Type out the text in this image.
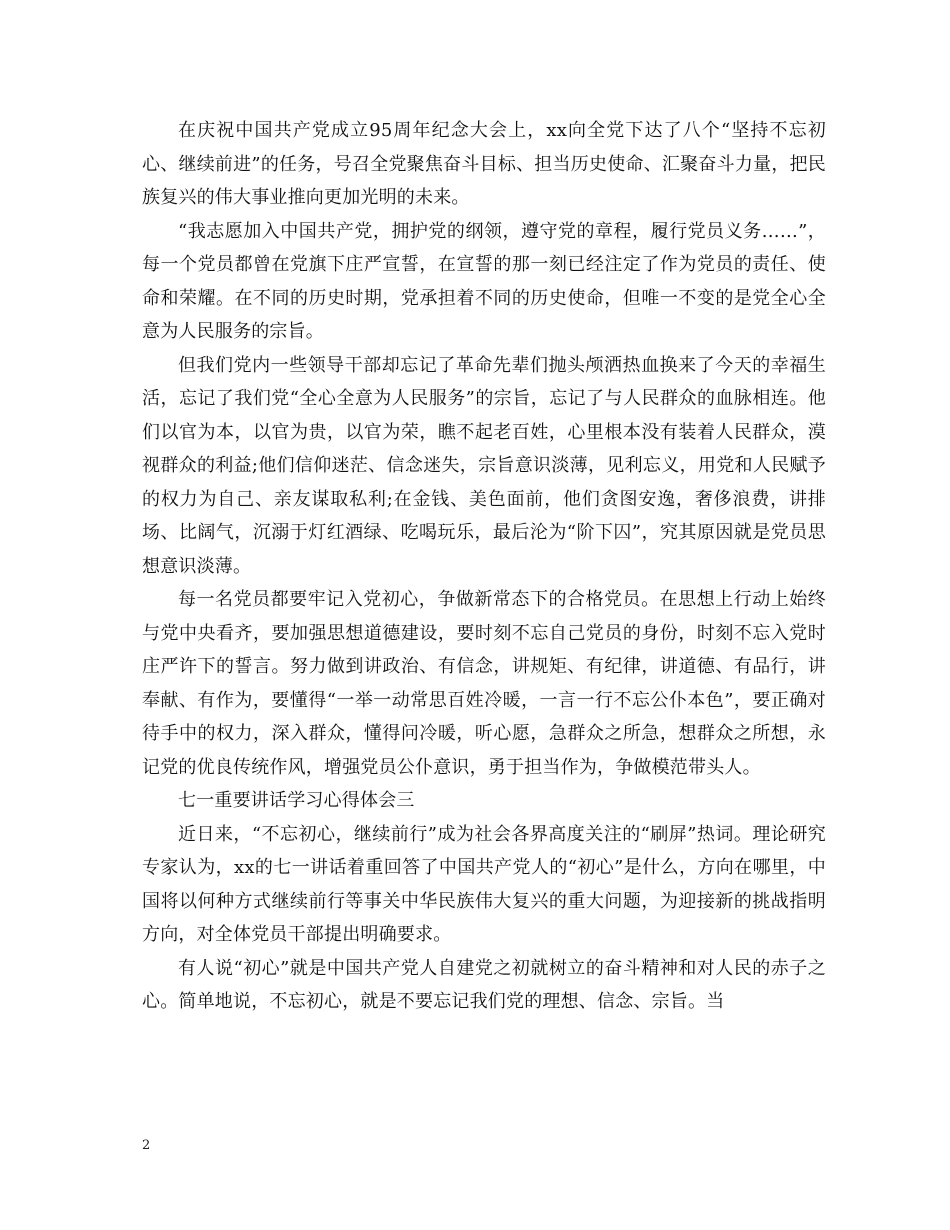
在庆祝中国共产党成立95周年纪念大会上，xx向全党下达了八个“坚持不忘初心、继续前进”的任务，号召全党聚焦奋斗目标、担当历史使命、汇聚奋斗力量，把民族复兴的伟大事业推向更加光明的未来。

“我志愿加入中国共产党，拥护党的纲领，遵守党的章程，履行党员义务……”，每一个党员都曾在党旗下庄严宣誓，在宣誓的那一刻已经注定了作为党员的责任、使命和荣耀。在不同的历史时期，党承担着不同的历史使命，但唯一不变的是党全心全意为人民服务的宗旨。

但我们党内一些领导干部却忘记了革命先辈们抛头颅洒热血换来了今天的幸福生活，忘记了我们党“全心全意为人民服务”的宗旨，忘记了与人民群众的血脉相连。他们以官为本，以官为贵，以官为荣，瞧不起老百姓，心里根本没有装着人民群众，漠视群众的利益;他们信仰迷茫、信念迷失，宗旨意识淡薄，见利忘义，用党和人民赋予的权力为自己、亲友谋取私利;在金钱、美色面前，他们贪图安逸，奢侈浪费，讲排场、比阔气，沉溺于灯红酒绿、吃喝玩乐，最后沦为“阶下囚”，究其原因就是党员思想意识淡薄。

每一名党员都要牢记入党初心，争做新常态下的合格党员。在思想上行动上始终与党中央看齐，要加强思想道德建设，要时刻不忘自己党员的身份，时刻不忘入党时庄严许下的誓言。努力做到讲政治、有信念，讲规矩、有纪律，讲道德、有品行，讲奉献、有作为，要懂得“一举一动常思百姓冷暖，一言一行不忘公仆本色”，要正确对待手中的权力，深入群众，懂得问冷暖，听心愿，急群众之所急，想群众之所想，永记党的优良传统作风，增强党员公仆意识，勇于担当作为，争做模范带头人。

七一重要讲话学习心得体会三

近日来，“不忘初心，继续前行”成为社会各界高度关注的“刷屏”热词。理论研究专家认为，xx的七一讲话着重回答了中国共产党人的“初心”是什么，方向在哪里，中国将以何种方式继续前行等事关中华民族伟大复兴的重大问题，为迎接新的挑战指明方向，对全体党员干部提出明确要求。

有人说“初心”就是中国共产党人自建党之初就树立的奋斗精神和对人民的赤子之心。简单地说，不忘初心，就是不要忘记我们党的理想、信念、宗旨。当

2
